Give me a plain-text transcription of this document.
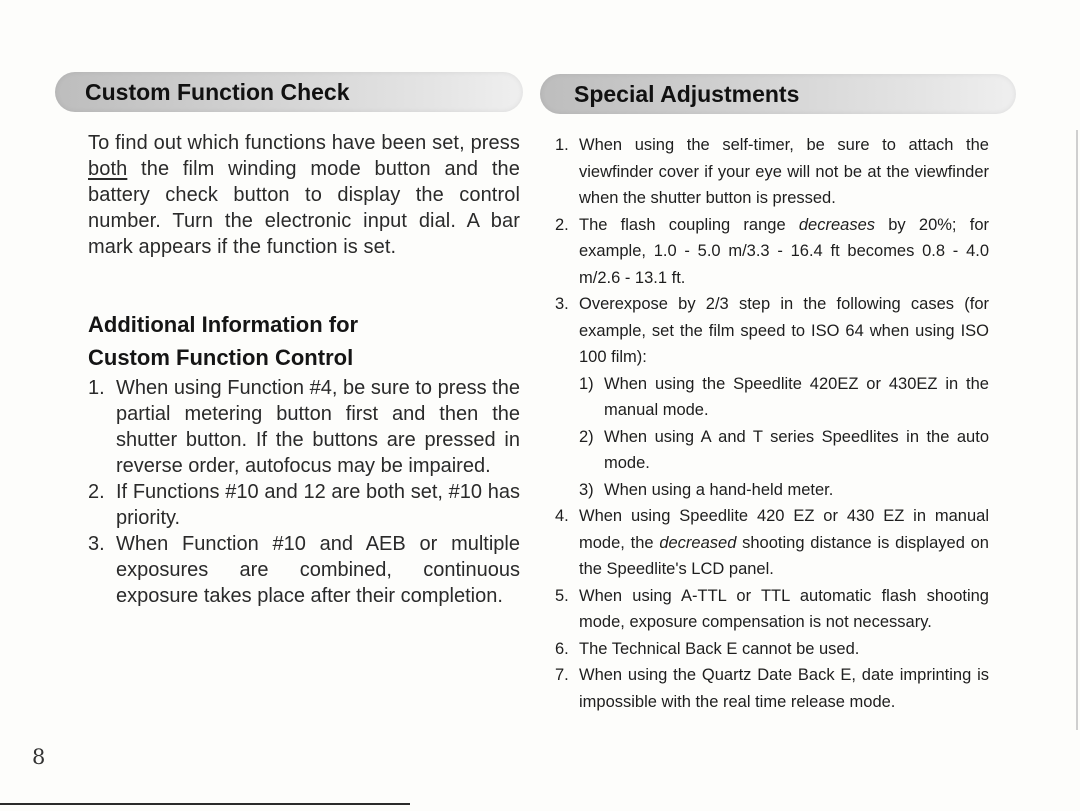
Custom Function Check
To find out which functions have been set, press both the film winding mode button and the battery check button to display the control number. Turn the electronic input dial. A bar mark appears if the function is set.
Additional Information for
Custom Function Control
1. When using Function #4, be sure to press the partial metering button first and then the shutter button. If the buttons are pressed in reverse order, autofocus may be impaired.
2. If Functions #10 and 12 are both set, #10 has priority.
3. When Function #10 and AEB or multiple exposures are combined, continuous exposure takes place after their completion.
Special Adjustments
1. When using the self-timer, be sure to attach the viewfinder cover if your eye will not be at the viewfinder when the shutter button is pressed.
2. The flash coupling range decreases by 20%; for example, 1.0 - 5.0 m/3.3 - 16.4 ft becomes 0.8 - 4.0 m/2.6 - 13.1 ft.
3. Overexpose by 2/3 step in the following cases (for example, set the film speed to ISO 64 when using ISO 100 film):
1) When using the Speedlite 420EZ or 430EZ in the manual mode.
2) When using A and T series Speedlites in the auto mode.
3) When using a hand-held meter.
4. When using Speedlite 420 EZ or 430 EZ in manual mode, the decreased shooting distance is displayed on the Speedlite's LCD panel.
5. When using A-TTL or TTL automatic flash shooting mode, exposure compensation is not necessary.
6. The Technical Back E cannot be used.
7. When using the Quartz Date Back E, date imprinting is impossible with the real time release mode.
8
